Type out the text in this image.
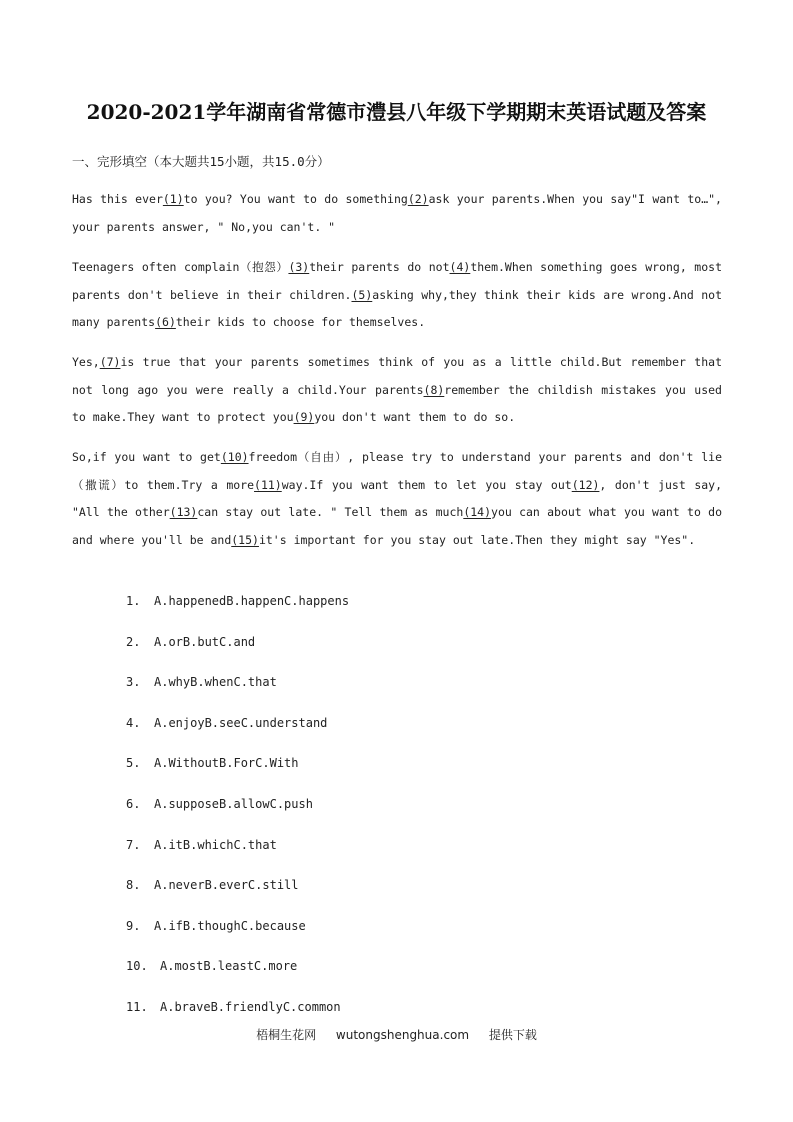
2020-2021学年湖南省常德市澧县八年级下学期期末英语试题及答案
一、完形填空（本大题共15小题，共15.0分）

Has this ever(1)to you? You want to do something(2)ask your parents.When you say"I want to…", your parents answer, " No,you can't. "

Teenagers often complain（抱怨）(3)their parents do not(4)them.When something goes wrong, most parents don't believe in their children.(5)asking why,they think their kids are wrong.And not many parents(6)their kids to choose for themselves.

Yes,(7)is true that your parents sometimes think of you as a little child.But remember that not long ago you were really a child.Your parents(8)remember the childish mistakes you used to make.They want to protect you(9)you don't want them to do so.

So,if you want to get(10)freedom（自由）, please try to understand your parents and don't lie（撒谎）to them.Try a more(11)way.If you want them to let you stay out(12), don't just say, "All the other(13)can stay out late. " Tell them as much(14)you can about what you want to do and where you'll be and(15)it's important for you stay out late.Then they might say "Yes".

1.	A.happenedB.happenC.happens
2.	A.orB.butC.and
3.	A.whyB.whenC.that
4.	A.enjoyB.seeC.understand
5.	A.WithoutB.ForC.With
6.	A.supposeB.allowC.push
7.	A.itB.whichC.that
8.	A.neverB.everC.still
9.	A.ifB.thoughC.because
10.	A.mostB.leastC.more
11.	A.braveB.friendlyC.common
梧桐生花网 wutongshenghua.com 提供下载
